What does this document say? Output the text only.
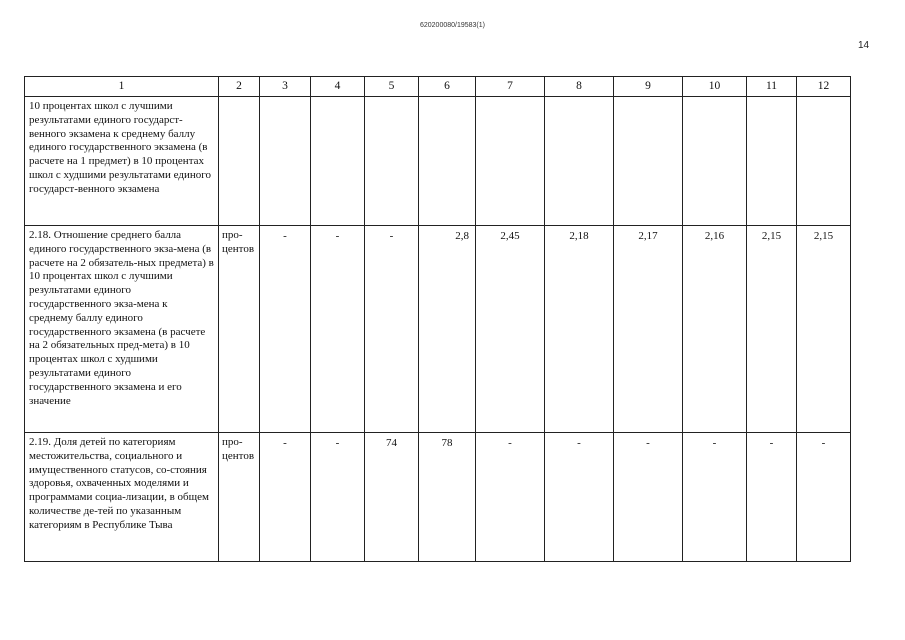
620200080/19583(1)
14
1	2	3	4	5	6	7	8	9	10	11	12
10 процентах школ с лучшими результатами единого государст-венного экзамена к среднему баллу единого государственного экзамена (в расчете на 1 предмет) в 10 процентах школ с худшими результатами единого государст-венного экзамена											
2.18. Отношение среднего балла единого государственного экза-мена (в расчете на 2 обязатель-ных предмета) в 10 процентах школ с лучшими результатами единого государственного экза-мена к среднему баллу единого государственного экзамена (в расчете на 2 обязательных пред-мета) в 10 процентах школ с худшими результатами единого государственного экзамена и его значение	про-центов	-	-	-	2,8	2,45	2,18	2,17	2,16	2,15	2,15
2.19. Доля детей по категориям местожительства, социального и имущественного статусов, со-стояния здоровья, охваченных моделями и программами социа-лизации, в общем количестве де-тей по указанным категориям в Республике Тыва	про-центов	-	-	74	78	-	-	-	-	-	-
